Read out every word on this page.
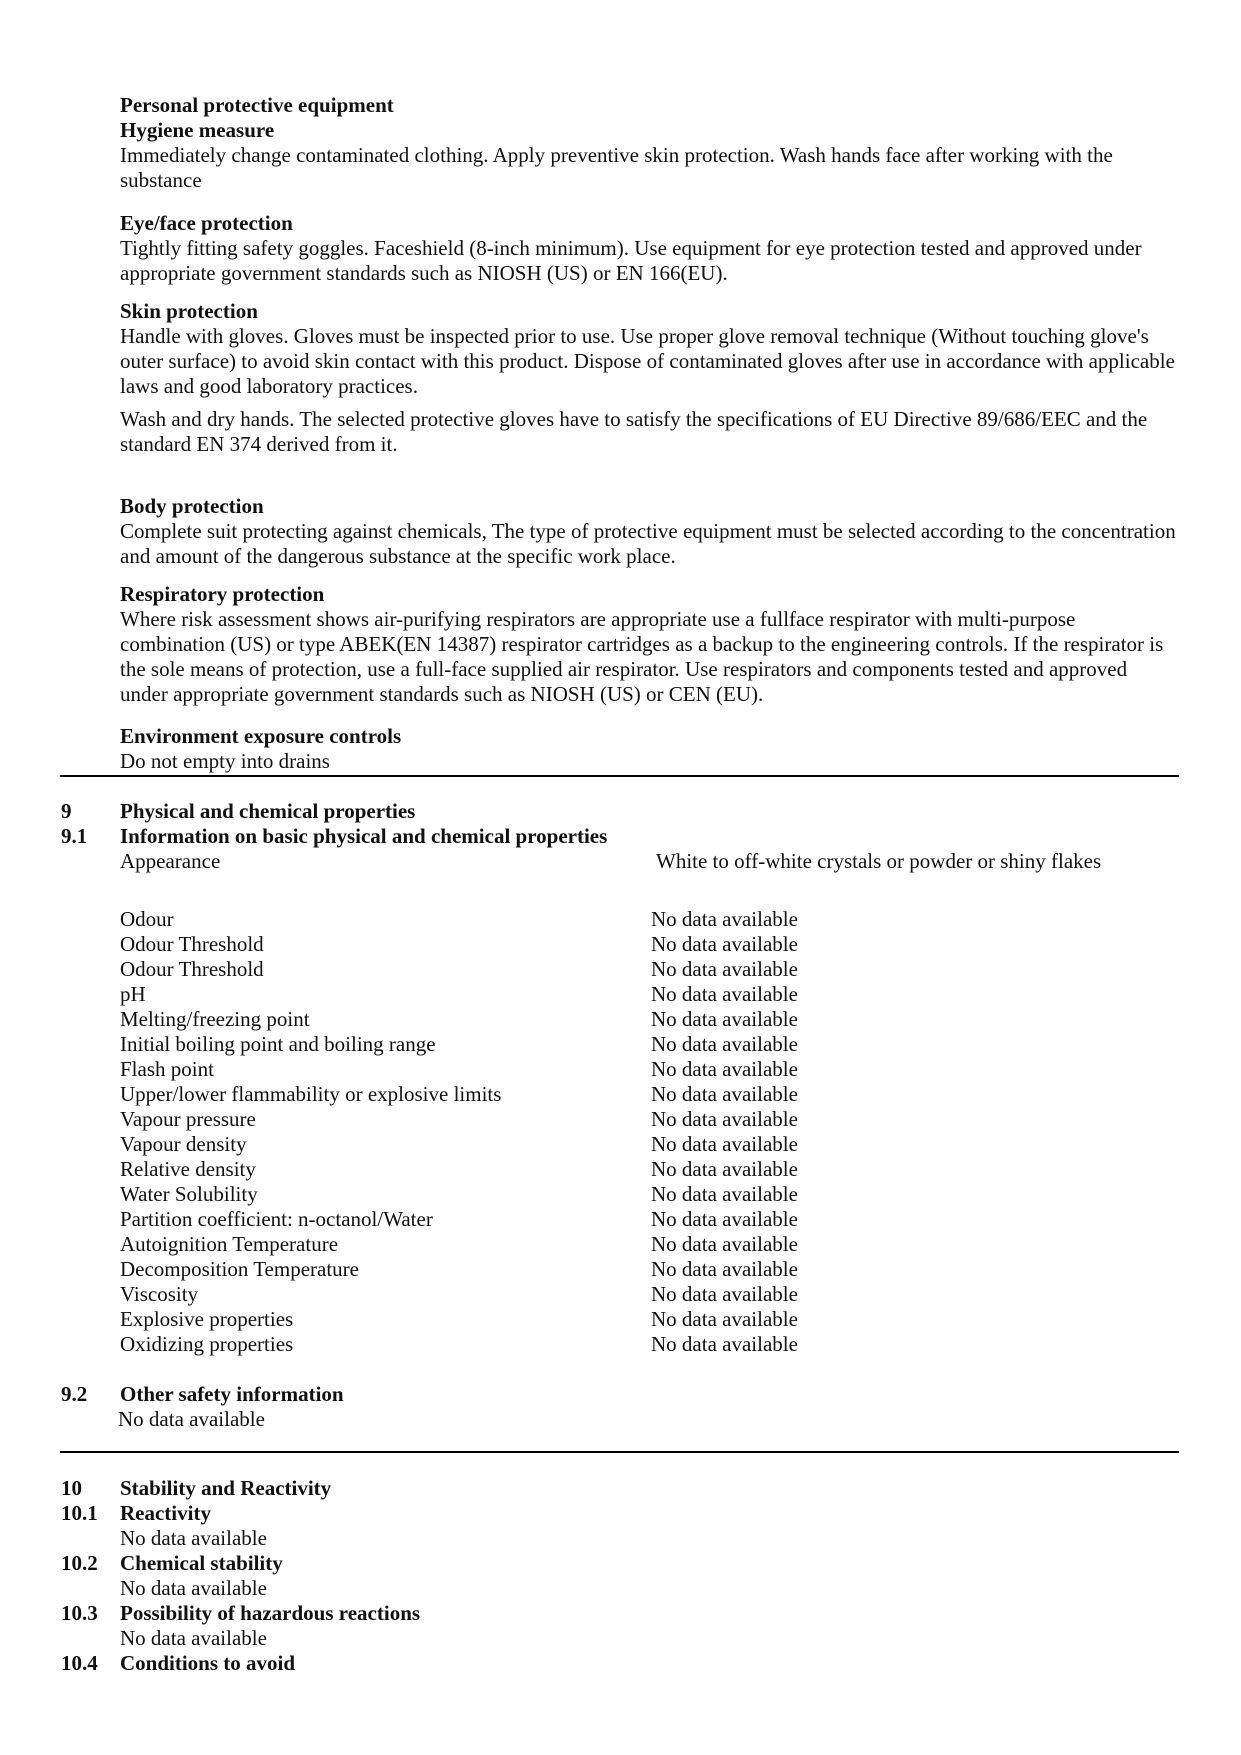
Personal protective equipment
Hygiene measure
Immediately change contaminated clothing. Apply preventive skin protection. Wash hands face after working with the substance
Eye/face protection
Tightly fitting safety goggles. Faceshield (8-inch minimum). Use equipment for eye protection tested and approved under appropriate government standards such as NIOSH (US) or EN 166(EU).
Skin protection
Handle with gloves. Gloves must be inspected prior to use. Use proper glove removal technique (Without touching glove's outer surface) to avoid skin contact with this product. Dispose of contaminated gloves after use in accordance with applicable laws and good laboratory practices.
Wash and dry hands. The selected protective gloves have to satisfy the specifications of EU Directive 89/686/EEC and the standard EN 374 derived from it.
Body protection
Complete suit protecting against chemicals, The type of protective equipment must be selected according to the concentration and amount of the dangerous substance at the specific work place.
Respiratory protection
Where risk assessment shows air-purifying respirators are appropriate use a fullface respirator with multi-purpose combination (US) or type ABEK(EN 14387) respirator cartridges as a backup to the engineering controls. If the respirator is the sole means of protection, use a full-face supplied air respirator. Use respirators and components tested and approved under appropriate government standards such as NIOSH (US) or CEN (EU).
Environment exposure controls
Do not empty into drains
9 Physical and chemical properties
9.1 Information on basic physical and chemical properties
Appearance	White to off-white crystals or powder or shiny flakes
Odour	No data available
Odour Threshold	No data available
Odour Threshold	No data available
pH	No data available
Melting/freezing point	No data available
Initial boiling point and boiling range	No data available
Flash point	No data available
Upper/lower flammability or explosive limits	No data available
Vapour pressure	No data available
Vapour density	No data available
Relative density	No data available
Water Solubility	No data available
Partition coefficient: n-octanol/Water	No data available
Autoignition Temperature	No data available
Decomposition Temperature	No data available
Viscosity	No data available
Explosive properties	No data available
Oxidizing properties	No data available
9.2 Other safety information
No data available
10 Stability and Reactivity
10.1 Reactivity
No data available
10.2 Chemical stability
No data available
10.3 Possibility of hazardous reactions
No data available
10.4 Conditions to avoid
